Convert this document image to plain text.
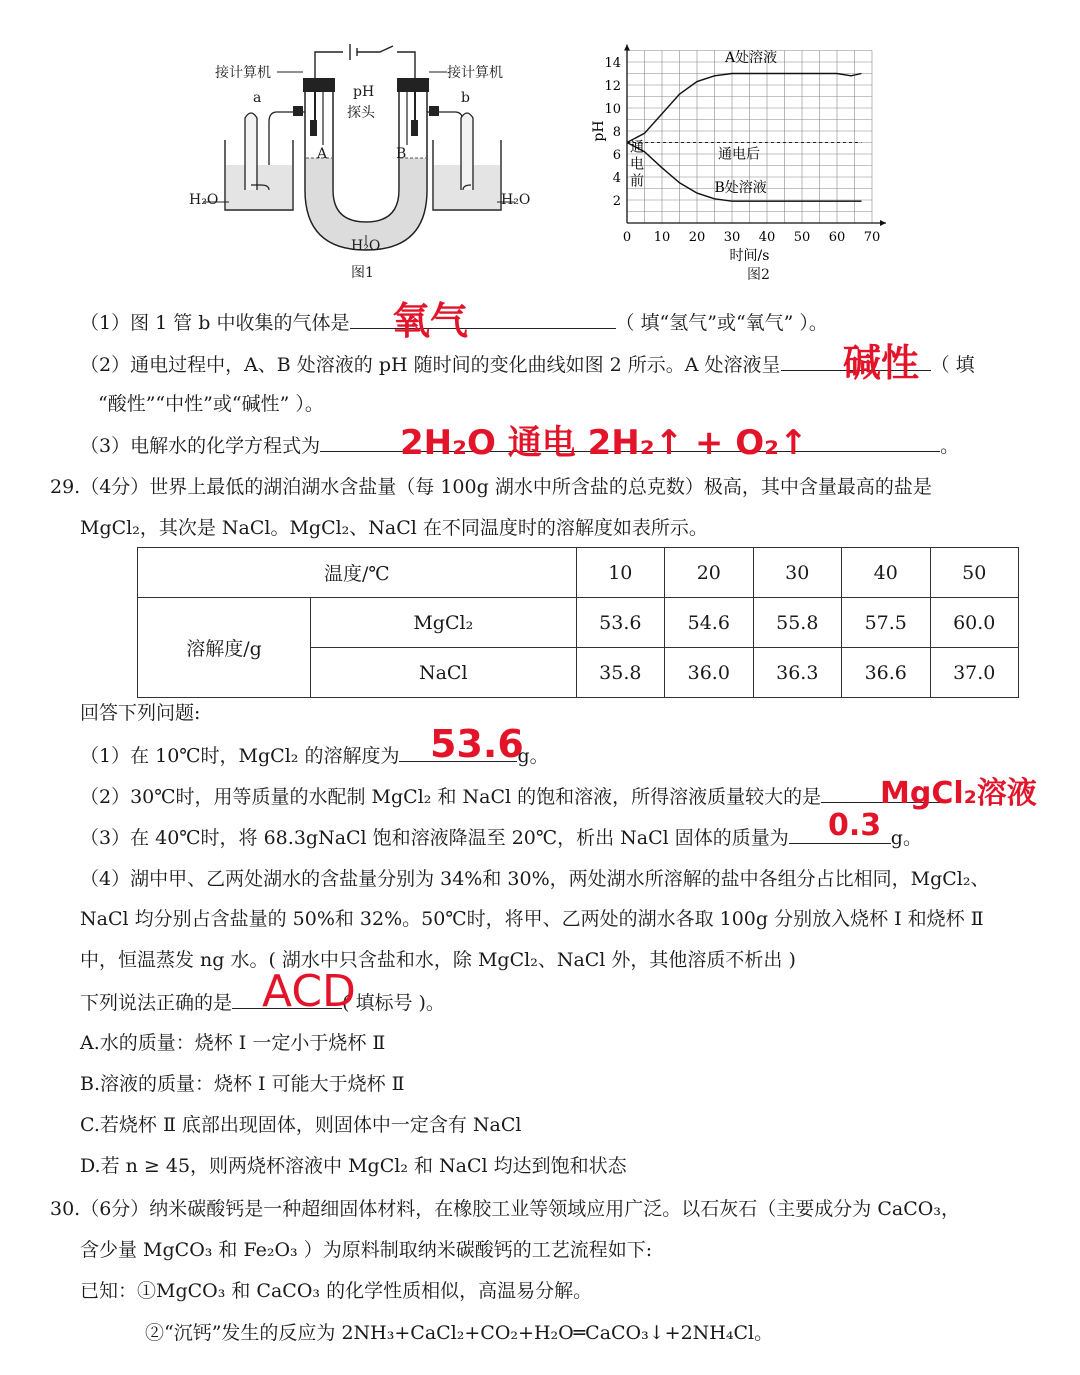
接计算机	接计算机
pH
探头
a	b
A	B
H₂O	H₂O
H₂O
图1
14
12
10
8
6
4
2
0 10 20 30 40 50 60 70
pH
时间/s
A处溶液
B处溶液
通电后
通
电
前
图2
（1）图 1 管 b 中收集的气体是	（ 填“氢气”或“氧气” ）。
氧气
（2）通电过程中，A、B 处溶液的 pH 随时间的变化曲线如图 2 所示。A 处溶液呈	（ 填
碱性
“酸性”“中性”或“碱性” ）。
（3）电解水的化学方程式为	。
2H₂O 通电 2H₂↑ + O₂↑
29.（4分）世界上最低的湖泊湖水含盐量（每 100g 湖水中所含盐的总克数）极高，其中含量最高的盐是
MgCl₂，其次是 NaCl。MgCl₂、NaCl 在不同温度时的溶解度如表所示。
温度/℃		10	20	30	40	50
溶解度/g	MgCl₂	53.6	54.6	55.8	57.5	60.0
	NaCl	35.8	36.0	36.3	36.6	37.0
回答下列问题:
（1）在 10℃时，MgCl₂ 的溶解度为	g。
53.6
（2）30℃时，用等质量的水配制 MgCl₂ 和 NaCl 的饱和溶液，所得溶液质量较大的是	MgCl₂溶液
（3）在 40℃时，将 68.3gNaCl 饱和溶液降温至 20℃，析出 NaCl 固体的质量为	g。
0.3
（4）湖中甲、乙两处湖水的含盐量分别为 34%和 30%，两处湖水所溶解的盐中各组分占比相同，MgCl₂、
NaCl 均分别占含盐量的 50%和 32%。50℃时，将甲、乙两处的湖水各取 100g 分别放入烧杯 Ⅰ 和烧杯 Ⅱ
中，恒温蒸发 ng 水。( 湖水中只含盐和水，除 MgCl₂、NaCl 外，其他溶质不析出 )
下列说法正确的是	( 填标号 )。
ACD
A.水的质量：烧杯 Ⅰ 一定小于烧杯 Ⅱ
B.溶液的质量：烧杯 Ⅰ 可能大于烧杯 Ⅱ
C.若烧杯 Ⅱ 底部出现固体，则固体中一定含有 NaCl
D.若 n ≥ 45，则两烧杯溶液中 MgCl₂ 和 NaCl 均达到饱和状态
30.（6分）纳米碳酸钙是一种超细固体材料，在橡胶工业等领域应用广泛。以石灰石（主要成分为 CaCO₃，
含少量 MgCO₃ 和 Fe₂O₃ ）为原料制取纳米碳酸钙的工艺流程如下:
已知：①MgCO₃ 和 CaCO₃ 的化学性质相似，高温易分解。
②“沉钙”发生的反应为 2NH₃+CaCl₂+CO₂+H₂O═CaCO₃↓+2NH₄Cl。
